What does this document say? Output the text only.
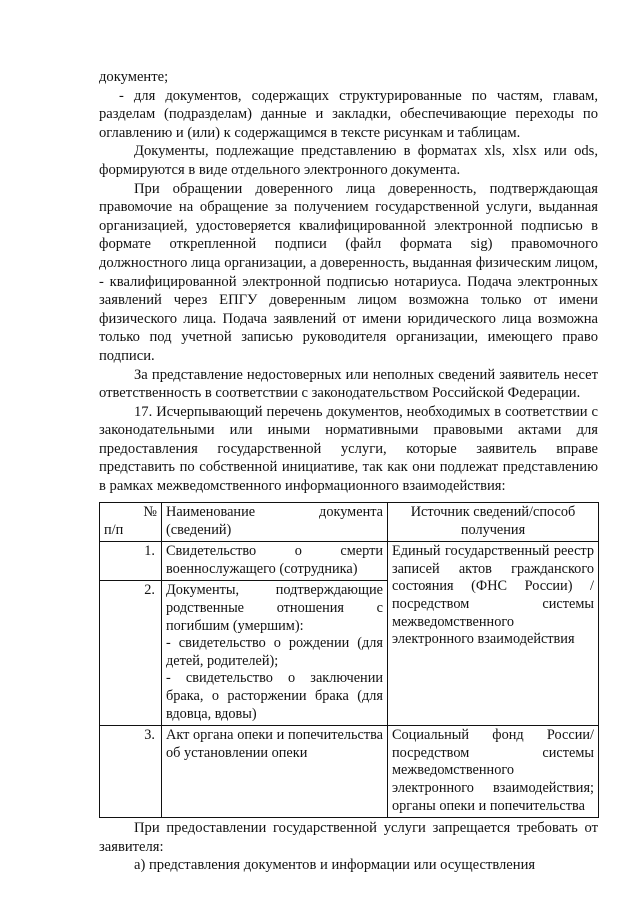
документе;

- для документов, содержащих структурированные по частям, главам, разделам (подразделам) данные и закладки, обеспечивающие переходы по оглавлению и (или) к содержащимся в тексте рисункам и таблицам.

Документы, подлежащие представлению в форматах xls, xlsx или ods, формируются в виде отдельного электронного документа.

При обращении доверенного лица доверенность, подтверждающая правомочие на обращение за получением государственной услуги, выданная организацией, удостоверяется квалифицированной электронной подписью в формате открепленной подписи (файл формата sig) правомочного должностного лица организации, а доверенность, выданная физическим лицом, - квалифицированной электронной подписью нотариуса. Подача электронных заявлений через ЕПГУ доверенным лицом возможна только от имени физического лица. Подача заявлений от имени юридического лица возможна только под учетной записью руководителя организации, имеющего право подписи.

За представление недостоверных или неполных сведений заявитель несет ответственность в соответствии с законодательством Российской Федерации.

17. Исчерпывающий перечень документов, необходимых в соответствии с законодательными или иными нормативными правовыми актами для предоставления государственной услуги, которые заявитель вправе представить по собственной инициативе, так как они подлежат представлению в рамках межведомственного информационного взаимодействия:

№
п/п	Наименование документа (сведений)	Источник сведений/способ получения

1.	Свидетельство о смерти военнослужащего (сотрудника)	Единый государственный реестр записей актов гражданского состояния (ФНС России) / посредством системы межведомственного электронного взаимодействия

2.	Документы, подтверждающие родственные отношения с погибшим (умершим):
- свидетельство о рождении (для детей, родителей);
- свидетельство о заключении брака, о расторжении брака (для вдовца, вдовы)	

3.	Акт органа опеки и попечительства об установлении опеки	Социальный фонд России/ посредством системы межведомственного электронного взаимодействия; органы опеки и попечительства

При предоставлении государственной услуги запрещается требовать от заявителя:

а) представления документов и информации или осуществления
